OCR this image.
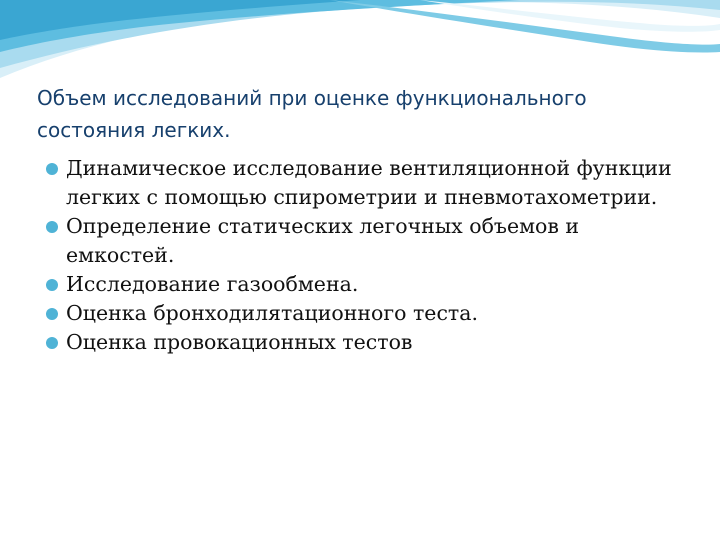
Объем исследований при оценке функционального состояния легких.
Динамическое исследование вентиляционной функции легких с помощью спирометрии и пневмотахометрии.
Определение статических легочных объемов и емкостей.
Исследование газообмена.
Оценка бронходилятационного теста.
Оценка провокационных тестов
